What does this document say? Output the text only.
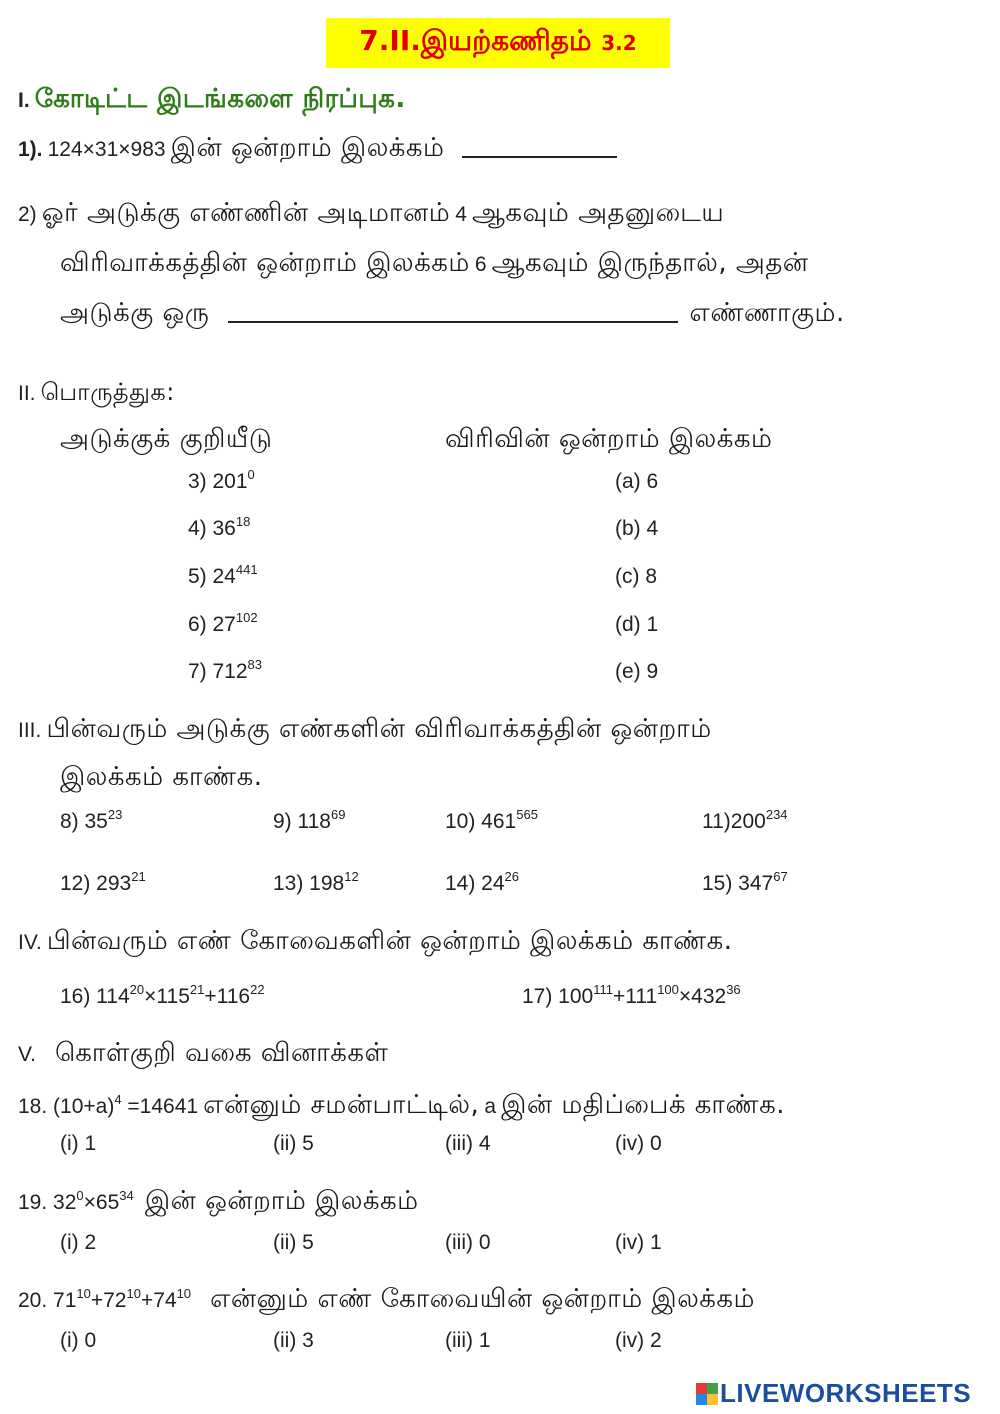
7.II.இயற்கணிதம் 3.2
I. கோடிட்ட இடங்களை நிரப்புக.
1). 124×31×983 இன் ஒன்றாம் இலக்கம்
2) ஓர் அடுக்கு எண்ணின் அடிமானம் 4 ஆகவும் அதனுடைய
விரிவாக்கத்தின் ஒன்றாம் இலக்கம் 6 ஆகவும் இருந்தால், அதன்
அடுக்கு ஒரு	எண்ணாகும்.
II. பொருத்துக:
அடுக்குக் குறியீடு	விரிவின் ஒன்றாம் இலக்கம்
3) $201^0$	(a) 6
4) $36^{18}$	(b) 4
5) $24^{441}$	(c) 8
6) $27^{102}$	(d) 1
7) $712^{83}$	(e) 9
III. பின்வரும் அடுக்கு எண்களின் விரிவாக்கத்தின் ஒன்றாம்
இலக்கம் காண்க.
8) $35^{23}$	9) $118^{69}$	10) $461^{565}$	$11)200^{234}$
12) $293^{21}$	13) $198^{12}$	14) $24^{26}$	15) $347^{67}$
IV. பின்வரும் எண் கோவைகளின் ஒன்றாம் இலக்கம் காண்க.
16) $114^{20}\times 115^{21}+116^{22}$	17) $100^{111}+111^{100}\times 432^{36}$
V. கொள்குறி வகை வினாக்கள்
18. $(10+a)^4 =14641$ என்னும் சமன்பாட்டில், a இன் மதிப்பைக் காண்க.
(i) 1	(ii) 5	(iii) 4	(iv) 0
19. $32^0\times 65^{34}$ இன் ஒன்றாம் இலக்கம்
(i) 2	(ii) 5	(iii) 0	(iv) 1
20. $71^{10}+72^{10}+74^{10}$ என்னும் எண் கோவையின் ஒன்றாம் இலக்கம்
(i) 0	(ii) 3	(iii) 1	(iv) 2
LIVEWORKSHEETS
